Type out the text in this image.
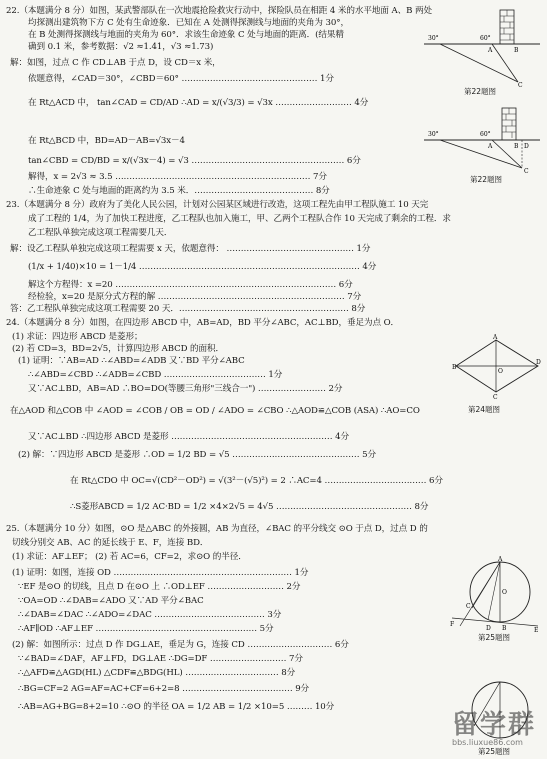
22.（本题满分 8 分）如图，某武警部队在一次地震抢险救灾行动中，探险队员在相距 4 米的水平地面 A、B 两处
均探测出建筑物下方 C 处有生命迹象．已知在 A 处测得探测线与地面的夹角为 30°，
在 B 处测得探测线与地面的夹角为 60°．求该生命迹象 C 处与地面的距离．(结果精
确到 0.1 米，参考数据：√2 ≈1.41，√3 ≈1.73)
解：如图，过点 C 作 CD⊥AB 于点 D，设 CD＝x 米，
依题意得，∠CAD＝30°，∠CBD＝60° ………………………………………… 1分
在 Rt△ACD 中， tan∠CAD = CD/AD ∴AD = x/(√3/3) = √3x ……………………… 4分
在 Rt△BCD 中，BD=AD－AB=√3x－4
tan∠CBD = CD/BD = x/(√3x－4) = √3 ……………………………………………… 6分
解得，x = 2√3 ≈ 3.5 …………………………………………………………… 7分
∴生命迹象 C 处与地面的距离约为 3.5 米．…………………………………… 8分
23.（本题满分 8 分）政府为了美化人民公园，计划对公园某区域进行改造，这项工程先由甲工程队施工 10 天完
成了工程的 1/4，为了加快工程进度，乙工程队也加入施工，甲、乙两个工程队合作 10 天完成了剩余的工程．求
乙工程队单独完成这项工程需要几天．
解：设乙工程队单独完成这项工程需要 x 天，依题意得： ……………………………………… 1分
(1/x + 1/40)×10 = 1－1/4 …………………………………………………………………… 4分
解这个方程得：x =20 …………………………………………………………………… 6分
经检验，x=20 是原分式方程的解 ………………………………………………………… 7分
答：乙工程队单独完成这项工程需要 20 天．…………………………………………………… 8分
24.（本题满分 8 分）如图，在四边形 ABCD 中，AB=AD，BD 平分∠ABC，AC⊥BD，垂足为点 O．
(1) 求证：四边形 ABCD 是菱形；
(2) 若 CD=3，BD=2√5，计算四边形 ABCD 的面积．
(1) 证明：∵AB=AD ∴∠ABD=∠ADB 又∵BD 平分∠ABC
∴∠ABD=∠CBD ∴∠ADB=∠CBD ……………………………… 1分
又∵AC⊥BD，AB=AD ∴BO=DO(等腰三角形"三线合一") …………………… 2分
在△AOD 和△COB 中 ∠AOD = ∠COB / OB = OD / ∠ADO = ∠CBO ∴△AOD≌△COB (ASA) ∴AO=CO
又∵AC⊥BD ∴四边形 ABCD 是菱形 ………………………………………………… 4分
(2) 解：∵四边形 ABCD 是菱形 ∴OD = 1/2 BD = √5 ……………………………………… 5分
在 Rt△CDO 中 OC=√(CD²－OD²) = √(3²－(√5)²) = 2 ∴AC=4 ……………………………… 6分
∴S菱形ABCD = 1/2 AC·BD = 1/2 ×4×2√5 = 4√5 ………………………………………… 8分
25.（本题满分 10 分）如图，⊙O 是△ABC 的外接圆，AB 为直径，∠BAC 的平分线交 ⊙O 于点 D，过点 D 的
切线分别交 AB、AC 的延长线于 E、F，连接 BD．
(1) 求证：AF⊥EF； (2) 若 AC=6，CF=2，求⊙O 的半径．
(1) 证明：如图，连接 OD ……………………………………………………… 1分
∵EF 是⊙O 的切线，且点 D 在⊙O 上 ∴OD⊥EF ……………………… 2分
∵OA=OD ∴∠DAB=∠ADO 又∵AD 平分∠BAC
∴∠DAB=∠DAC ∴∠ADO=∠DAC ………………………………… 3分
∴AF∥OD ∴AF⊥EF ………………………………………………… 5分
(2) 解：如图所示：过点 D 作 DG⊥AE，垂足为 G，连接 CD ………………………… 6分
∵∠BAD=∠DAF，AF⊥FD，DG⊥AE ∴DG=DF ……………………… 7分
∴△AFD≌△AGD(HL) △CDF≌△BDG(HL) …………………………… 8分
∴BG=CF=2 AG=AF=AC+CF=6+2=8 ………………………………… 9分
∴AB=AG+BG=8+2=10 ∴⊙O 的半径 OA = 1/2 AB = 1/2 ×10=5 ……… 10分
30°	60°
A	B
C
第22题图
30°	60°
A	B D
C
第22题图
A
B
D
C
O
第24题图
A
O
C
F
D B	E
第25题图
第25题图
留学群
bbs.liuxue86.com
